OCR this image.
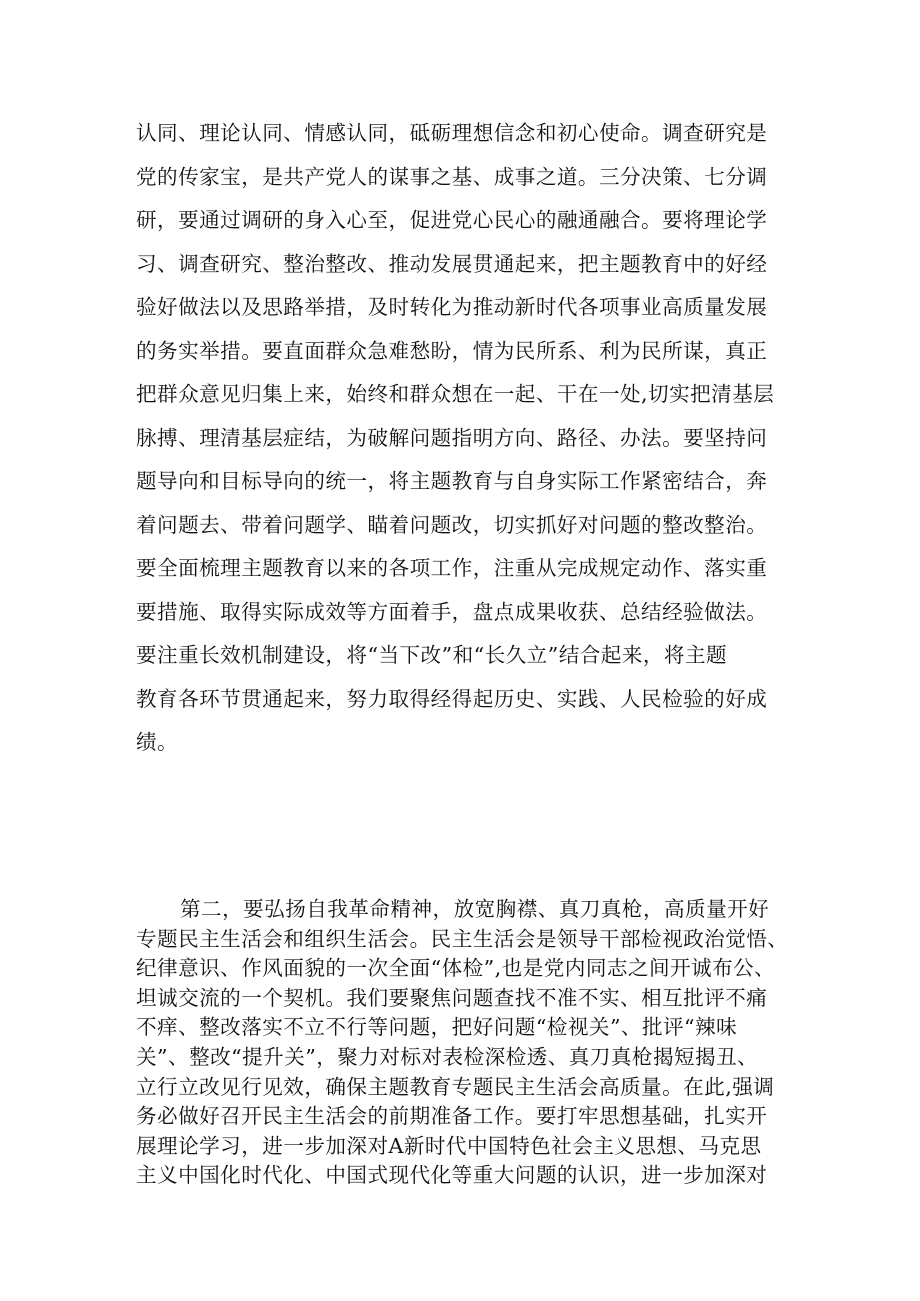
认同、理论认同、情感认同，砥砺理想信念和初心使命。调查研究是
党的传家宝，是共产党人的谋事之基、成事之道。三分决策、七分调
研，要通过调研的身入心至，促进党心民心的融通融合。要将理论学
习、调查研究、整治整改、推动发展贯通起来，把主题教育中的好经
验好做法以及思路举措，及时转化为推动新时代各项事业高质量发展
的务实举措。要直面群众急难愁盼，情为民所系、利为民所谋，真正
把群众意见归集上来，始终和群众想在一起、干在一处,切实把清基层
脉搏、理清基层症结，为破解问题指明方向、路径、办法。要坚持问
题导向和目标导向的统一，将主题教育与自身实际工作紧密结合，奔
着问题去、带着问题学、瞄着问题改，切实抓好对问题的整改整治。
要全面梳理主题教育以来的各项工作，注重从完成规定动作、落实重
要措施、取得实际成效等方面着手，盘点成果收获、总结经验做法。
要注重长效机制建设，将“当下改”和“长久立”结合起来，将主题
教育各环节贯通起来，努力取得经得起历史、实践、人民检验的好成
绩。
第二，要弘扬自我革命精神，放宽胸襟、真刀真枪，高质量开好
专题民主生活会和组织生活会。民主生活会是领导干部检视政治觉悟、
纪律意识、作风面貌的一次全面“体检”,也是党内同志之间开诚布公、
坦诚交流的一个契机。我们要聚焦问题查找不准不实、相互批评不痛
不痒、整改落实不立不行等问题，把好问题“检视关”、批评“辣味
关”、整改“提升关”，聚力对标对表检深检透、真刀真枪揭短揭丑、
立行立改见行见效，确保主题教育专题民主生活会高质量。在此,强调
务必做好召开民主生活会的前期准备工作。要打牢思想基础，扎实开
展理论学习，进一步加深对A新时代中国特色社会主义思想、马克思
主义中国化时代化、中国式现代化等重大问题的认识，进一步加深对
